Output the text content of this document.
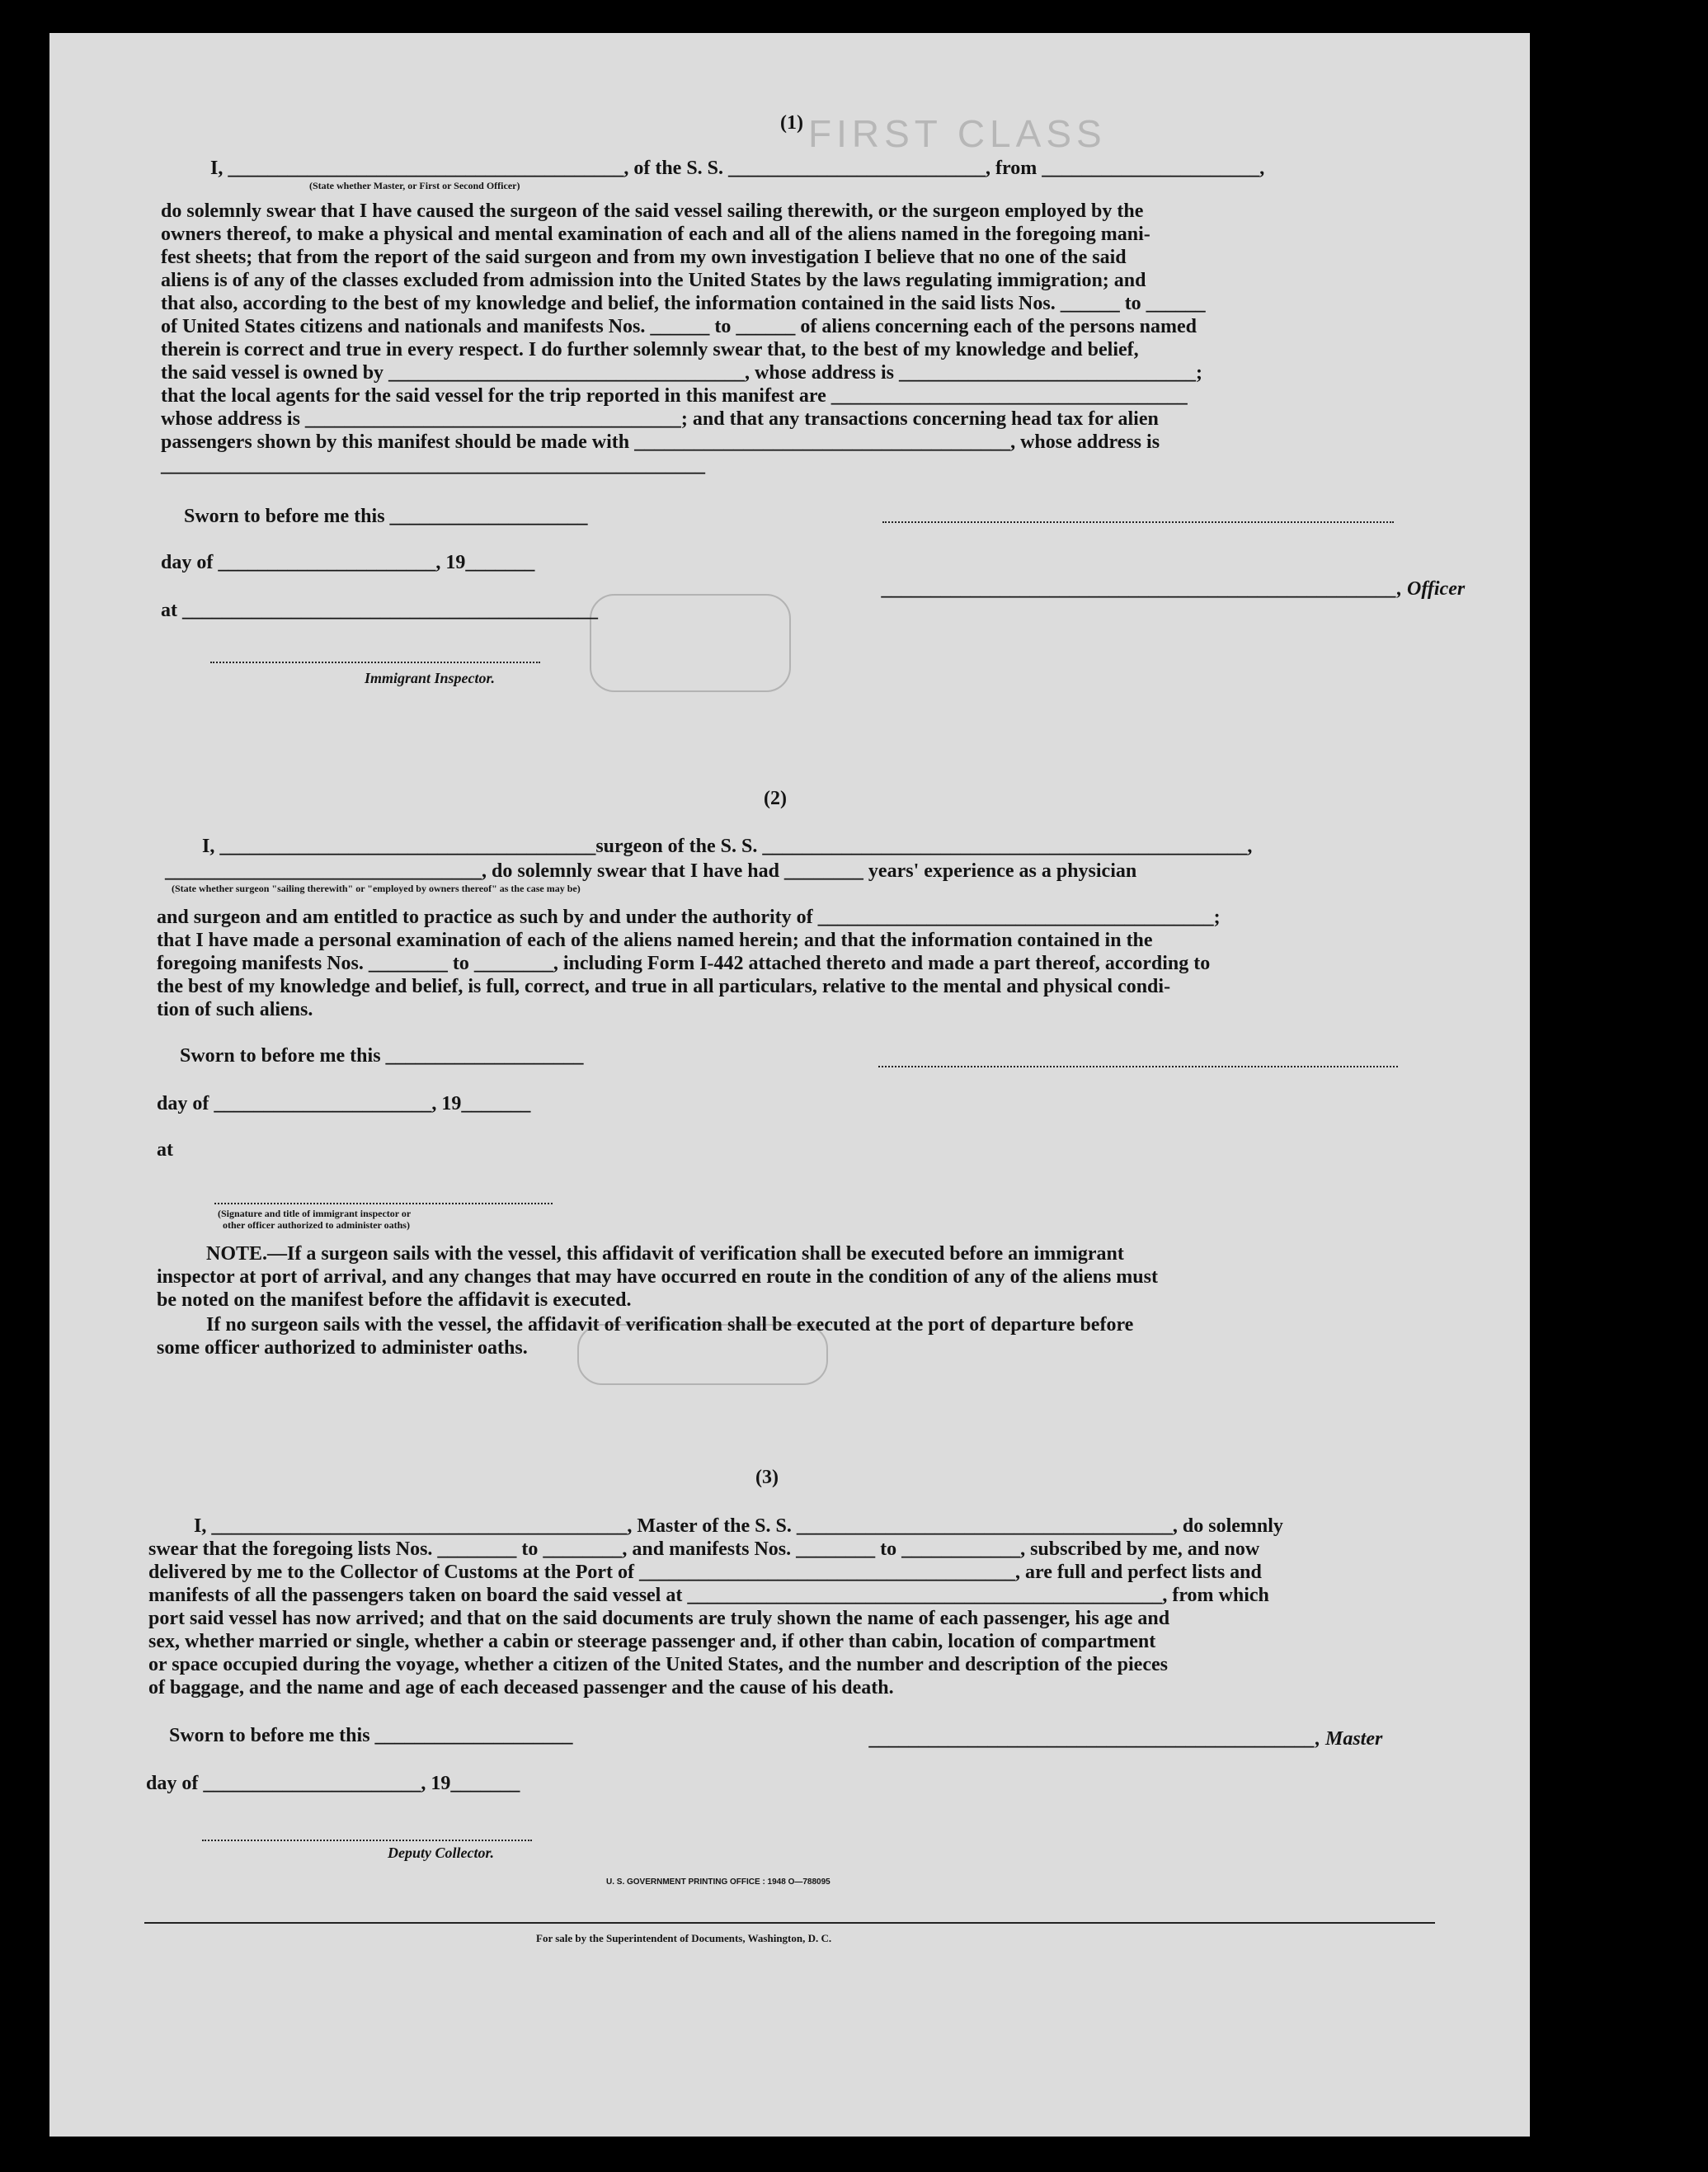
FIRST CLASS
(1)
I, ________________________________________, of the S. S. __________________________, from ______________________,
(State whether Master, or First or Second Officer)
do solemnly swear that I have caused the surgeon of the said vessel sailing therewith, or the surgeon employed by the
owners thereof, to make a physical and mental examination of each and all of the aliens named in the foregoing mani-
fest sheets; that from the report of the said surgeon and from my own investigation I believe that no one of the said
aliens is of any of the classes excluded from admission into the United States by the laws regulating immigration; and
that also, according to the best of my knowledge and belief, the information contained in the said lists Nos. ______ to ______
of United States citizens and nationals and manifests Nos. ______ to ______ of aliens concerning each of the persons named
therein is correct and true in every respect. I do further solemnly swear that, to the best of my knowledge and belief,
the said vessel is owned by ____________________________________, whose address is ______________________________;
that the local agents for the said vessel for the trip reported in this manifest are ____________________________________
whose address is ______________________________________; and that any transactions concerning head tax for alien
passengers shown by this manifest should be made with ______________________________________, whose address is
_______________________________________________________
Sworn to before me this ____________________
day of ______________________, 19_______
at __________________________________________
____________________________________________________, Officer
Immigrant Inspector.
(2)
I, ______________________________________surgeon of the S. S. _________________________________________________,
________________________________, do solemnly swear that I have had ________ years' experience as a physician
(State whether surgeon "sailing therewith" or "employed by owners thereof" as the case may be)
and surgeon and am entitled to practice as such by and under the authority of ________________________________________;
that I have made a personal examination of each of the aliens named herein; and that the information contained in the
foregoing manifests Nos. ________ to ________, including Form I-442 attached thereto and made a part thereof, according to
the best of my knowledge and belief, is full, correct, and true in all particulars, relative to the mental and physical condi-
tion of such aliens.
Sworn to before me this ____________________
day of ______________________, 19_______
at
(Signature and title of immigrant inspector or
other officer authorized to administer oaths)
NOTE.—If a surgeon sails with the vessel, this affidavit of verification shall be executed before an immigrant
inspector at port of arrival, and any changes that may have occurred en route in the condition of any of the aliens must
be noted on the manifest before the affidavit is executed.
If no surgeon sails with the vessel, the affidavit of verification shall be executed at the port of departure before
some officer authorized to administer oaths.
(3)
I, __________________________________________, Master of the S. S. ______________________________________, do solemnly
swear that the foregoing lists Nos. ________ to ________, and manifests Nos. ________ to ____________, subscribed by me, and now
delivered by me to the Collector of Customs at the Port of ______________________________________, are full and perfect lists and
manifests of all the passengers taken on board the said vessel at ________________________________________________, from which
port said vessel has now arrived; and that on the said documents are truly shown the name of each passenger, his age and
sex, whether married or single, whether a cabin or steerage passenger and, if other than cabin, location of compartment
or space occupied during the voyage, whether a citizen of the United States, and the number and description of the pieces
of baggage, and the name and age of each deceased passenger and the cause of his death.
Sworn to before me this ____________________
day of ______________________, 19_______
_____________________________________________, Master
Deputy Collector.
U. S. GOVERNMENT PRINTING OFFICE : 1948 O—788095
For sale by the Superintendent of Documents, Washington, D. C.
